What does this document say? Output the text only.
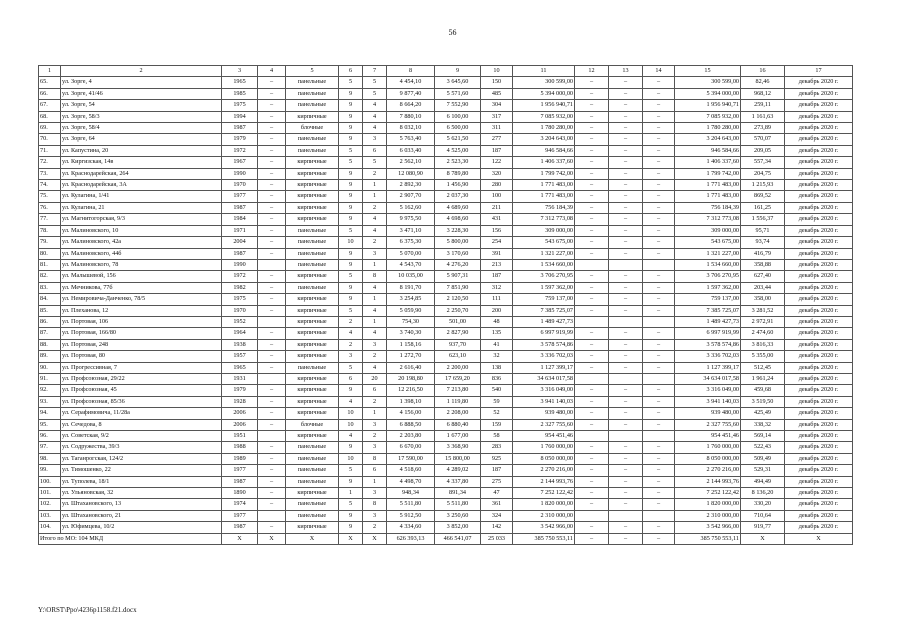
56
1	2	3	4	5	6	7	8	9	10	11	12	13	14	15	16	17
65.	ул. Зорге, 4	1965	–	панельные	5	5	4 454,10	3 645,60	150	300 599,00	–	–	–	300 599,00	82,46	декабрь 2020 г.
66.	ул. Зорге, 41/46	1985	–	панельные	9	5	9 877,40	5 571,60	485	5 394 000,00	–	–	–	5 394 000,00	968,12	декабрь 2020 г.
67.	ул. Зорге, 54	1975	–	панельные	9	4	8 664,20	7 552,90	304	1 956 940,71	–	–	–	1 956 940,71	259,11	декабрь 2020 г.
68.	ул. Зорге, 58/3	1994	–	кирпичные	9	4	7 880,10	6 100,00	317	7 085 932,00	–	–	–	7 085 932,00	1 161,63	декабрь 2020 г.
69.	ул. Зорге, 58/4	1987	–	блочные	9	4	8 032,10	6 500,00	311	1 780 280,00	–	–	–	1 780 280,00	273,89	декабрь 2020 г.
70.	ул. Зорге, 64	1979	–	панельные	9	3	5 763,40	5 621,50	277	3 204 643,00	–	–	–	3 204 643,00	570,07	декабрь 2020 г.
71.	ул. Капустина, 20	1972	–	панельные	5	6	6 033,40	4 525,00	187	946 584,66	–	–	–	946 584,66	209,05	декабрь 2020 г.
72.	ул. Киргизская, 14в	1967	–	кирпичные	5	5	2 562,10	2 523,30	122	1 406 337,60	–	–	–	1 406 337,60	557,34	декабрь 2020 г.
73.	ул. Краснодарейская, 264	1990	–	кирпичные	9	2	12 080,90	8 789,80	320	1 799 742,00	–	–	–	1 799 742,00	204,75	декабрь 2020 г.
74.	ул. Краснодарейская, 3А	1970	–	кирпичные	9	1	2 892,30	1 456,90	280	1 771 483,00	–	–	–	1 771 483,00	1 215,93	декабрь 2020 г.
75.	ул. Кулагина, 1/41	1977	–	кирпичные	9	1	2 907,70	2 037,30	100	1 771 483,00	–	–	–	1 771 483,00	869,52	декабрь 2020 г.
76.	ул. Кулагина, 21	1987	–	кирпичные	9	2	5 162,60	4 689,60	211	756 184,39	–	–	–	756 184,39	161,25	декабрь 2020 г.
77.	ул. Магнитогорская, 9/3	1984	–	кирпичные	9	4	9 975,50	4 698,60	431	7 312 773,08	–	–	–	7 312 773,08	1 556,37	декабрь 2020 г.
78.	ул. Малиновского, 10	1971	–	панельные	5	4	3 471,10	3 228,30	156	309 000,00	–	–	–	309 000,00	95,71	декабрь 2020 г.
79.	ул. Малиновского, 42а	2004	–	панельные	10	2	6 375,30	5 800,00	254	543 675,00	–	–	–	543 675,00	93,74	декабрь 2020 г.
80.	ул. Малиновского, 44б	1987	–	панельные	9	3	5 070,00	3 170,60	391	1 321 227,00	–	–	–	1 321 227,00	416,79	декабрь 2020 г.
81.	ул. Малиновского, 78	1990		панельные	9	1	4 543,70	4 276,20	213	1 534 660,00				1 534 660,00	358,88	декабрь 2020 г.
82.	ул. Малышевой, 156	1972	–	кирпичные	5	8	10 035,00	5 907,31	187	3 706 270,95	–	–	–	3 706 270,95	627,40	декабрь 2020 г.
83.	ул. Мечникова, 77б	1982	–	панельные	9	4	8 191,70	7 851,90	312	1 597 362,00	–	–	–	1 597 362,00	203,44	декабрь 2020 г.
84.	ул. Немировича-Данченко, 78/5	1975	–	кирпичные	9	1	3 254,85	2 120,50	111	759 137,00	–	–	–	759 137,00	358,00	декабрь 2020 г.
85.	ул. Плеханова, 12	1970	–	кирпичные	5	4	5 059,90	2 250,70	200	7 385 725,07	–	–	–	7 385 725,07	3 281,52	декабрь 2020 г.
86.	ул. Портовая, 106	1952		кирпичные	2	1	754,30	501,00	48	1 489 427,73				1 489 427,73	2 972,91	декабрь 2020 г.
87.	ул. Портовая, 166/80	1964	–	кирпичные	4	4	3 740,30	2 827,90	135	6 997 919,99	–	–	–	6 997 919,99	2 474,60	декабрь 2020 г.
88.	ул. Портовая, 248	1938	–	кирпичные	2	3	1 158,16	937,70	41	3 578 574,86	–	–	–	3 578 574,86	3 816,33	декабрь 2020 г.
89.	ул. Портовая, 80	1957	–	кирпичные	3	2	1 272,70	623,10	32	3 336 702,03	–	–	–	3 336 702,03	5 355,00	декабрь 2020 г.
90.	ул. Прогрессивная, 7	1965	–	панельные	5	4	2 616,40	2 200,00	138	1 127 399,17	–	–	–	1 127 399,17	512,45	декабрь 2020 г.
91.	ул. Профсоюзная, 29/22	1931		кирпичные	6	20	20 198,80	17 659,20	836	34 634 017,58				34 634 017,58	1 961,24	декабрь 2020 г.
92.	ул. Профсоюзная, 45	1979	–	кирпичные	9	6	12 216,50	7 213,80	540	3 316 049,00	–	–	–	3 316 049,00	459,68	декабрь 2020 г.
93.	ул. Профсоюзная, 85/36	1928	–	кирпичные	4	2	1 398,10	1 119,80	59	3 941 140,03	–	–	–	3 941 140,03	3 519,50	декабрь 2020 г.
94.	ул. Серафимовича, 11/28а	2006	–	кирпичные	10	1	4 156,00	2 208,00	52	939 480,00	–	–	–	939 480,00	425,49	декабрь 2020 г.
95.	ул. Сечедова, 8	2006	–	блочные	10	3	6 888,50	6 880,40	159	2 327 755,60	–	–	–	2 327 755,60	338,32	декабрь 2020 г.
96.	ул. Советская, 9/2	1951		кирпичные	4	2	2 203,80	1 677,00	58	954 451,46				954 451,46	569,14	декабрь 2020 г.
97.	ул. Содружества, 39/3	1988	–	панельные	9	3	6 670,00	3 368,90	283	1 760 000,00	–	–	–	1 760 000,00	522,43	декабрь 2020 г.
98.	ул. Таганрогская, 124/2	1989	–	панельные	10	8	17 590,00	15 800,00	925	8 050 000,00	–	–	–	8 050 000,00	509,49	декабрь 2020 г.
99.	ул. Тимошенко, 22	1977	–	панельные	5	6	4 518,60	4 289,02	187	2 270 216,00	–	–	–	2 270 216,00	529,31	декабрь 2020 г.
100.	ул. Туполева, 18/1	1987	–	панельные	9	1	4 498,70	4 337,80	275	2 144 993,76	–	–	–	2 144 993,76	494,49	декабрь 2020 г.
101.	ул. Ульяновская, 32	1890	–	кирпичные	1	3	948,34	891,34	47	7 252 122,42	–	–	–	7 252 122,42	8 136,20	декабрь 2020 г.
102.	ул. Штахановского, 13	1974	–	панельные	5	8	5 511,80	5 511,80	361	1 820 000,00	–	–	–	1 820 000,00	330,20	декабрь 2020 г.
103.	ул. Штахановского, 21	1977		панельные	9	3	5 912,50	3 250,60	324	2 310 000,00				2 310 000,00	710,64	декабрь 2020 г.
104.	ул. Юфимцева, 10/2	1987	–	кирпичные	9	2	4 334,60	3 852,00	142	3 542 966,00	–	–	–	3 542 966,00	919,77	декабрь 2020 г.
Итого по МО: 104 МКД		X	X	X	X	X	626 393,13	466 541,07	25 033	385 750 553,11	–	–	–	385 750 553,11	X	X
Y:\ORST\Ppo\4236p1158.f21.docx
